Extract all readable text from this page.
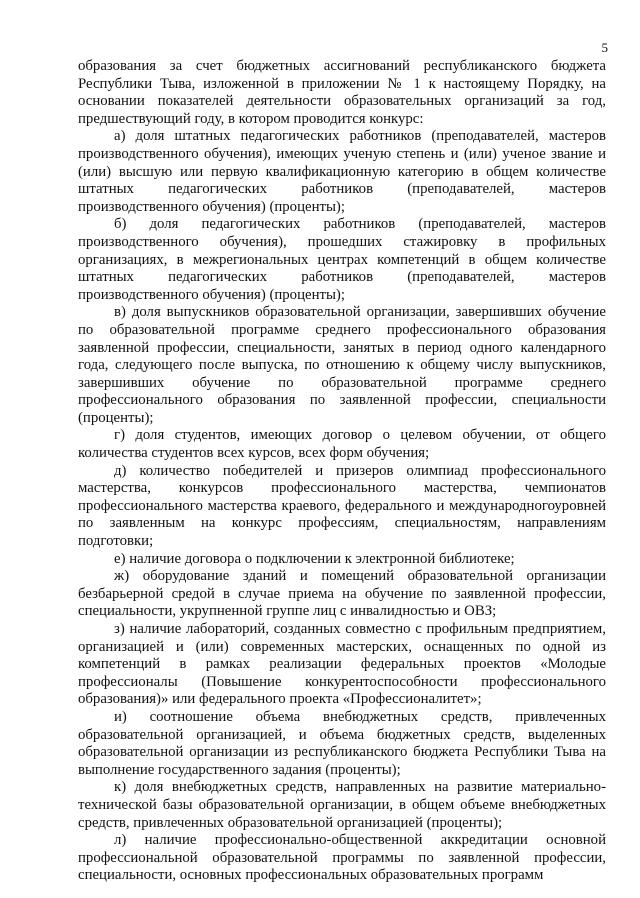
5

образования за счет бюджетных ассигнований республиканского бюджета Республики Тыва, изложенной в приложении № 1 к настоящему Порядку, на основании показателей деятельности образовательных организаций за год, предшествующий году, в котором проводится конкурс:

а) доля штатных педагогических работников (преподавателей, мастеров производственного обучения), имеющих ученую степень и (или) ученое звание и (или) высшую или первую квалификационную категорию в общем количестве штатных педагогических работников (преподавателей, мастеров производственного обучения) (проценты);

б) доля педагогических работников (преподавателей, мастеров производственного обучения), прошедших стажировку в профильных организациях, в межрегиональных центрах компетенций в общем количестве штатных педагогических работников (преподавателей, мастеров производственного обучения) (проценты);

в) доля выпускников образовательной организации, завершивших обучение по образовательной программе среднего профессионального образования заявленной профессии, специальности, занятых в период одного календарного года, следующего после выпуска, по отношению к общему числу выпускников, завершивших обучение по образовательной программе среднего профессионального образования по заявленной профессии, специальности (проценты);

г) доля студентов, имеющих договор о целевом обучении, от общего количества студентов всех курсов, всех форм обучения;

д) количество победителей и призеров олимпиад профессионального мастерства, конкурсов профессионального мастерства, чемпионатов профессионального мастерства краевого, федерального и международногоуровней по заявленным на конкурс профессиям, специальностям, направлениям подготовки;

е) наличие договора о подключении к электронной библиотеке;

ж) оборудование зданий и помещений образовательной организации безбарьерной средой в случае приема на обучение по заявленной профессии, специальности, укрупненной группе лиц с инвалидностью и ОВЗ;

з) наличие лабораторий, созданных совместно с профильным предприятием, организацией и (или) современных мастерских, оснащенных по одной из компетенций в рамках реализации федеральных проектов «Молодые профессионалы (Повышение конкурентоспособности профессионального образования)» или федерального проекта «Профессионалитет»;

и) соотношение объема внебюджетных средств, привлеченных образовательной организацией, и объема бюджетных средств, выделенных образовательной организации из республиканского бюджета Республики Тыва на выполнение государственного задания (проценты);

к) доля внебюджетных средств, направленных на развитие материально-технической базы образовательной организации, в общем объеме внебюджетных средств, привлеченных образовательной организацией (проценты);

л) наличие профессионально-общественной аккредитации основной профессиональной образовательной программы по заявленной профессии, специальности, основных профессиональных образовательных программ
